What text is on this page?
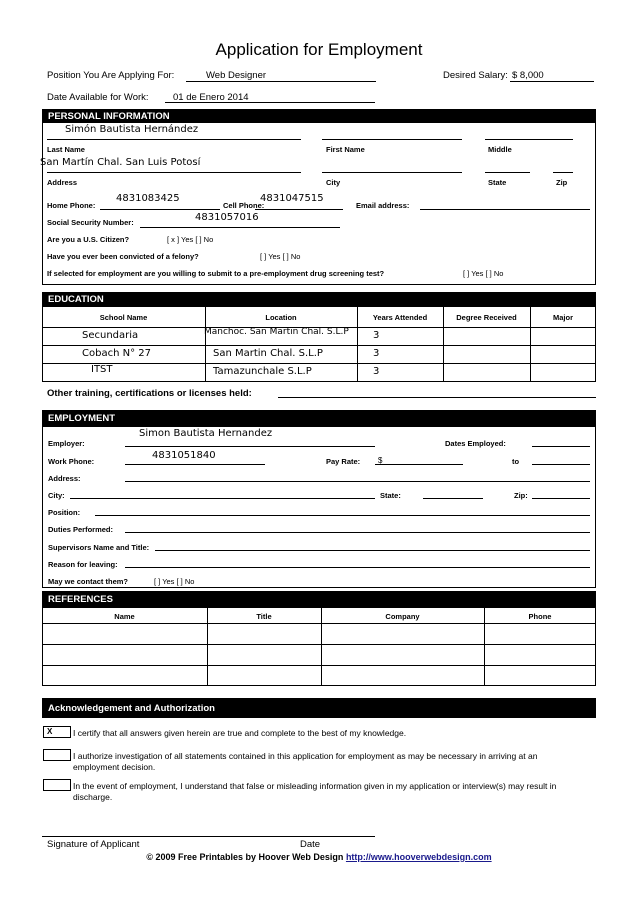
Application for Employment
Position You Are Applying For:	Web Designer	Desired Salary: $ 8,000
Date Available for Work:	01 de Enero 2014
PERSONAL INFORMATION
Simón Bautista Hernández
Last Name	First Name	Middle
San Martín Chal. San Luis Potosí
Address	City	State	Zip
Home Phone:
4831083425
Cell Phone:
4831047515
Email address:
Social Security Number:	4831057016
Are you a U.S. Citizen?	[ x ] Yes [ ] No
Have you ever been convicted of a felony?	[ ] Yes [ ] No
If selected for employment are you willing to submit to a pre-employment drug screening test?	[ ] Yes [ ] No
EDUCATION
School Name	Location	Years Attended	Degree Received	Major
Secundaria	Manchoc. San Martin Chal. S.L.P 3
Cobach N° 27	San Martin Chal. S.L.P	3
ITST	Tamazunchale S.L.P	3
Other training, certifications or licenses held:
EMPLOYMENT
Simon Bautista Hernandez
Employer:	Dates Employed:
Work Phone:
4831051840
Pay Rate: $	to
Address:
City:	State:	Zip:
Position:
Duties Performed:
Supervisors Name and Title:
Reason for leaving:
May we contact them?	[ ] Yes [ ] No
REFERENCES
Name	Title	Company	Phone
Acknowledgement and Authorization
X	I certify that all answers given herein are true and complete to the best of my knowledge.
I authorize investigation of all statements contained in this application for employment as may be necessary in arriving at an employment decision.
In the event of employment, I understand that false or misleading information given in my application or interview(s) may result in discharge.
Signature of Applicant	Date
© 2009 Free Printables by Hoover Web Design http://www.hooverwebdesign.com
